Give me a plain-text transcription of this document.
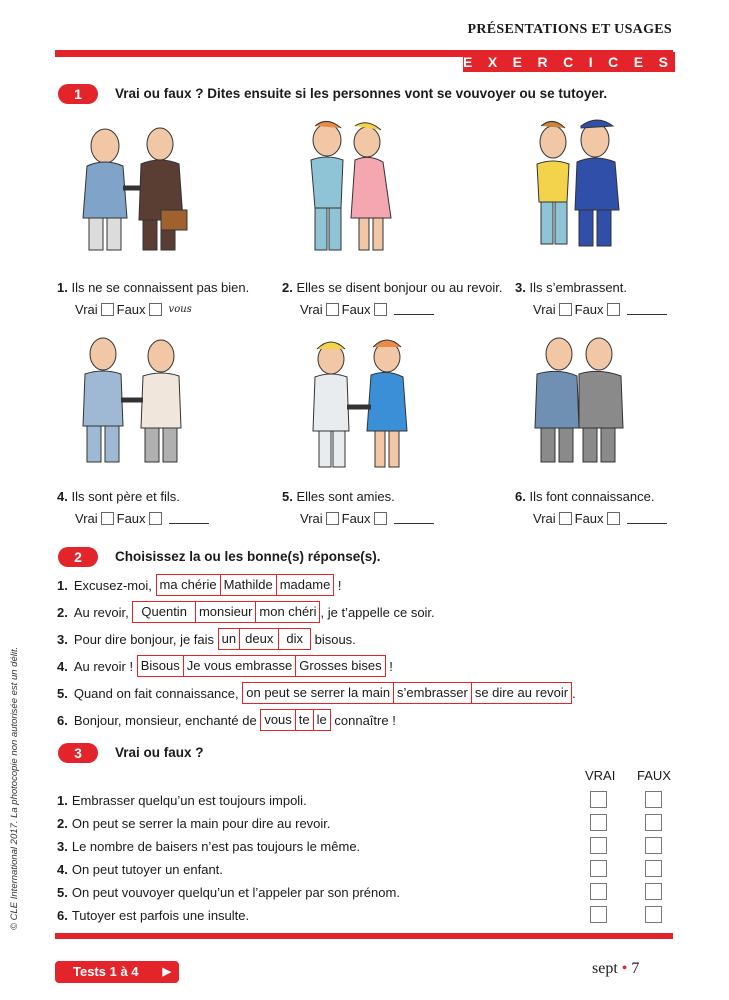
PRÉSENTATIONS ET USAGES
EXERCICES
1	Vrai ou faux ? Dites ensuite si les personnes vont se vouvoyer ou se tutoyer.
1. Ils ne se connaissent pas bien.
Vrai Faux vous
2. Elles se disent bonjour ou au revoir.
Vrai Faux
3. Ils s’embrassent.
Vrai Faux
4. Ils sont père et fils.
Vrai Faux
5. Elles sont amies.
Vrai Faux
6. Ils font connaissance.
Vrai Faux
2	Choisissez la ou les bonne(s) réponse(s).
1. Excusez-moi,
ma chérie Mathilde madame
!
2. Au revoir,
Quentin monsieur mon chéri , je t’appelle ce soir.
3. Pour dire bonjour, je fais
un deux	dix
bisous.
4. Au revoir !
Bisous Je vous embrasse Grosses bises
!
5. Quand on fait connaissance,
on peut se serrer la main s’embrasser se dire au revoir .
6. Bonjour, monsieur, enchanté de
vous te le
connaître !
3	Vrai ou faux ?
VRAI FAUX
1. Embrasser quelqu’un est toujours impoli.
2. On peut se serrer la main pour dire au revoir.
3. Le nombre de baisers n’est pas toujours le même.
4. On peut tutoyer un enfant.
5. On peut vouvoyer quelqu’un et l’appeler par son prénom.
6. Tutoyer est parfois une insulte.
Tests 1 à 4 ▶	sept • 7
© CLE International 2017. La photocopie non autorisée est un délit.
